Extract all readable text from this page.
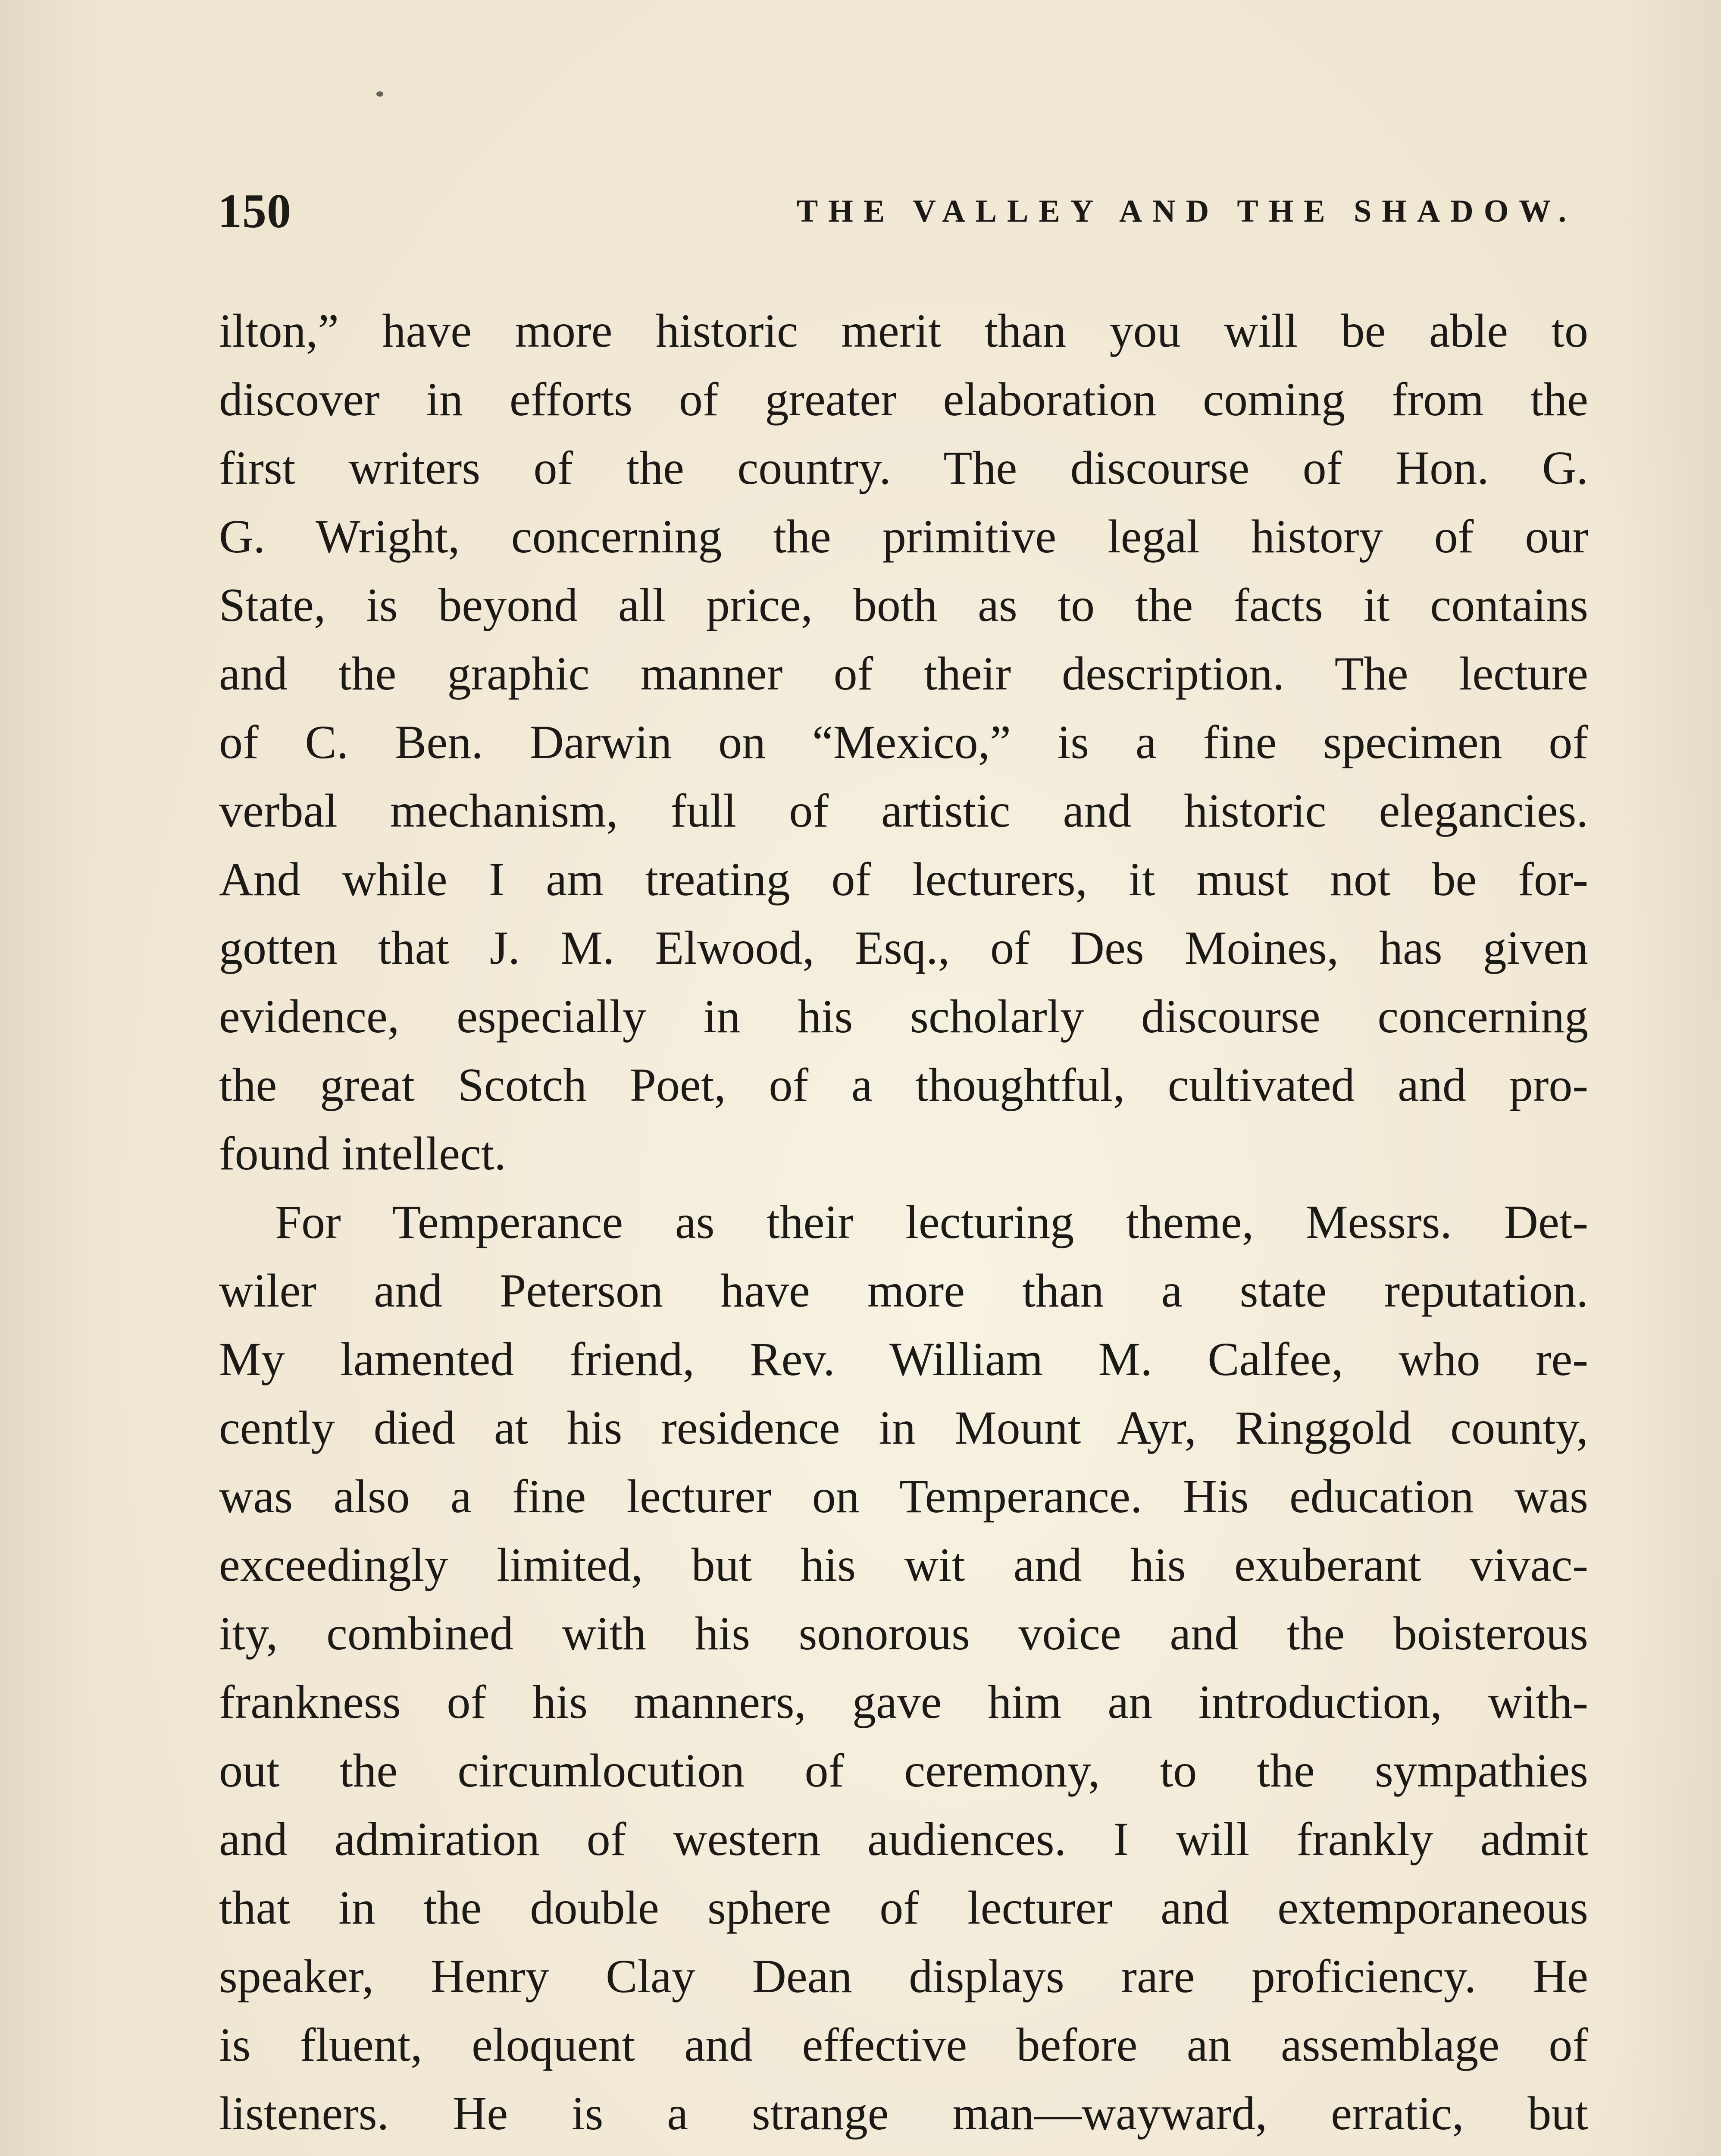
150	THE VALLEY AND THE SHADOW.
ilton,” have more historic merit than you will be able to
discover in efforts of greater elaboration coming from the
first writers of the country. The discourse of Hon. G.
G. Wright, concerning the primitive legal history of our
State, is beyond all price, both as to the facts it contains
and the graphic manner of their description. The lecture
of C. Ben. Darwin on “Mexico,” is a fine specimen of
verbal mechanism, full of artistic and historic elegancies.
And while I am treating of lecturers, it must not be for-
gotten that J. M. Elwood, Esq., of Des Moines, has given
evidence, especially in his scholarly discourse concerning
the great Scotch Poet, of a thoughtful, cultivated and pro-
found intellect.
For Temperance as their lecturing theme, Messrs. Det-
wiler and Peterson have more than a state reputation.
My lamented friend, Rev. William M. Calfee, who re-
cently died at his residence in Mount Ayr, Ringgold county,
was also a fine lecturer on Temperance. His education was
exceedingly limited, but his wit and his exuberant vivac-
ity, combined with his sonorous voice and the boisterous
frankness of his manners, gave him an introduction, with-
out the circumlocution of ceremony, to the sympathies
and admiration of western audiences. I will frankly admit
that in the double sphere of lecturer and extemporaneous
speaker, Henry Clay Dean displays rare proficiency. He
is fluent, eloquent and effective before an assemblage of
listeners. He is a strange man—wayward, erratic, but
